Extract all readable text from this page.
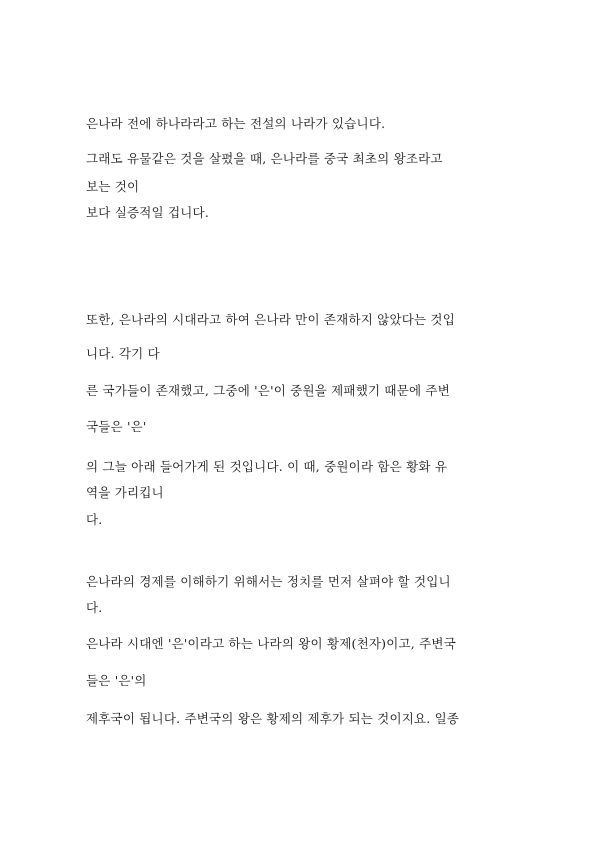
은나라 전에 하나라라고 하는 전설의 나라가 있습니다.
그래도 유물같은 것을 살폈을 때, 은나라를 중국 최초의 왕조라고
보는 것이
보다 실증적일 겁니다.
또한, 은나라의 시대라고 하여 은나라 만이 존재하지 않았다는 것입
니다. 각기 다
른 국가들이 존재했고, 그중에 '은'이 중원을 제패했기 때문에 주변
국들은 '은'
의 그늘 아래 들어가게 된 것입니다. 이 때, 중원이라 함은 황화 유
역을 가리킵니
다.
은나라의 경제를 이해하기 위해서는 정치를 먼저 살펴야 할 것입니
다.
은나라 시대엔 '은'이라고 하는 나라의 왕이 황제(천자)이고, 주변국
들은 '은'의
제후국이 됩니다. 주변국의 왕은 황제의 제후가 되는 것이지요. 일종
